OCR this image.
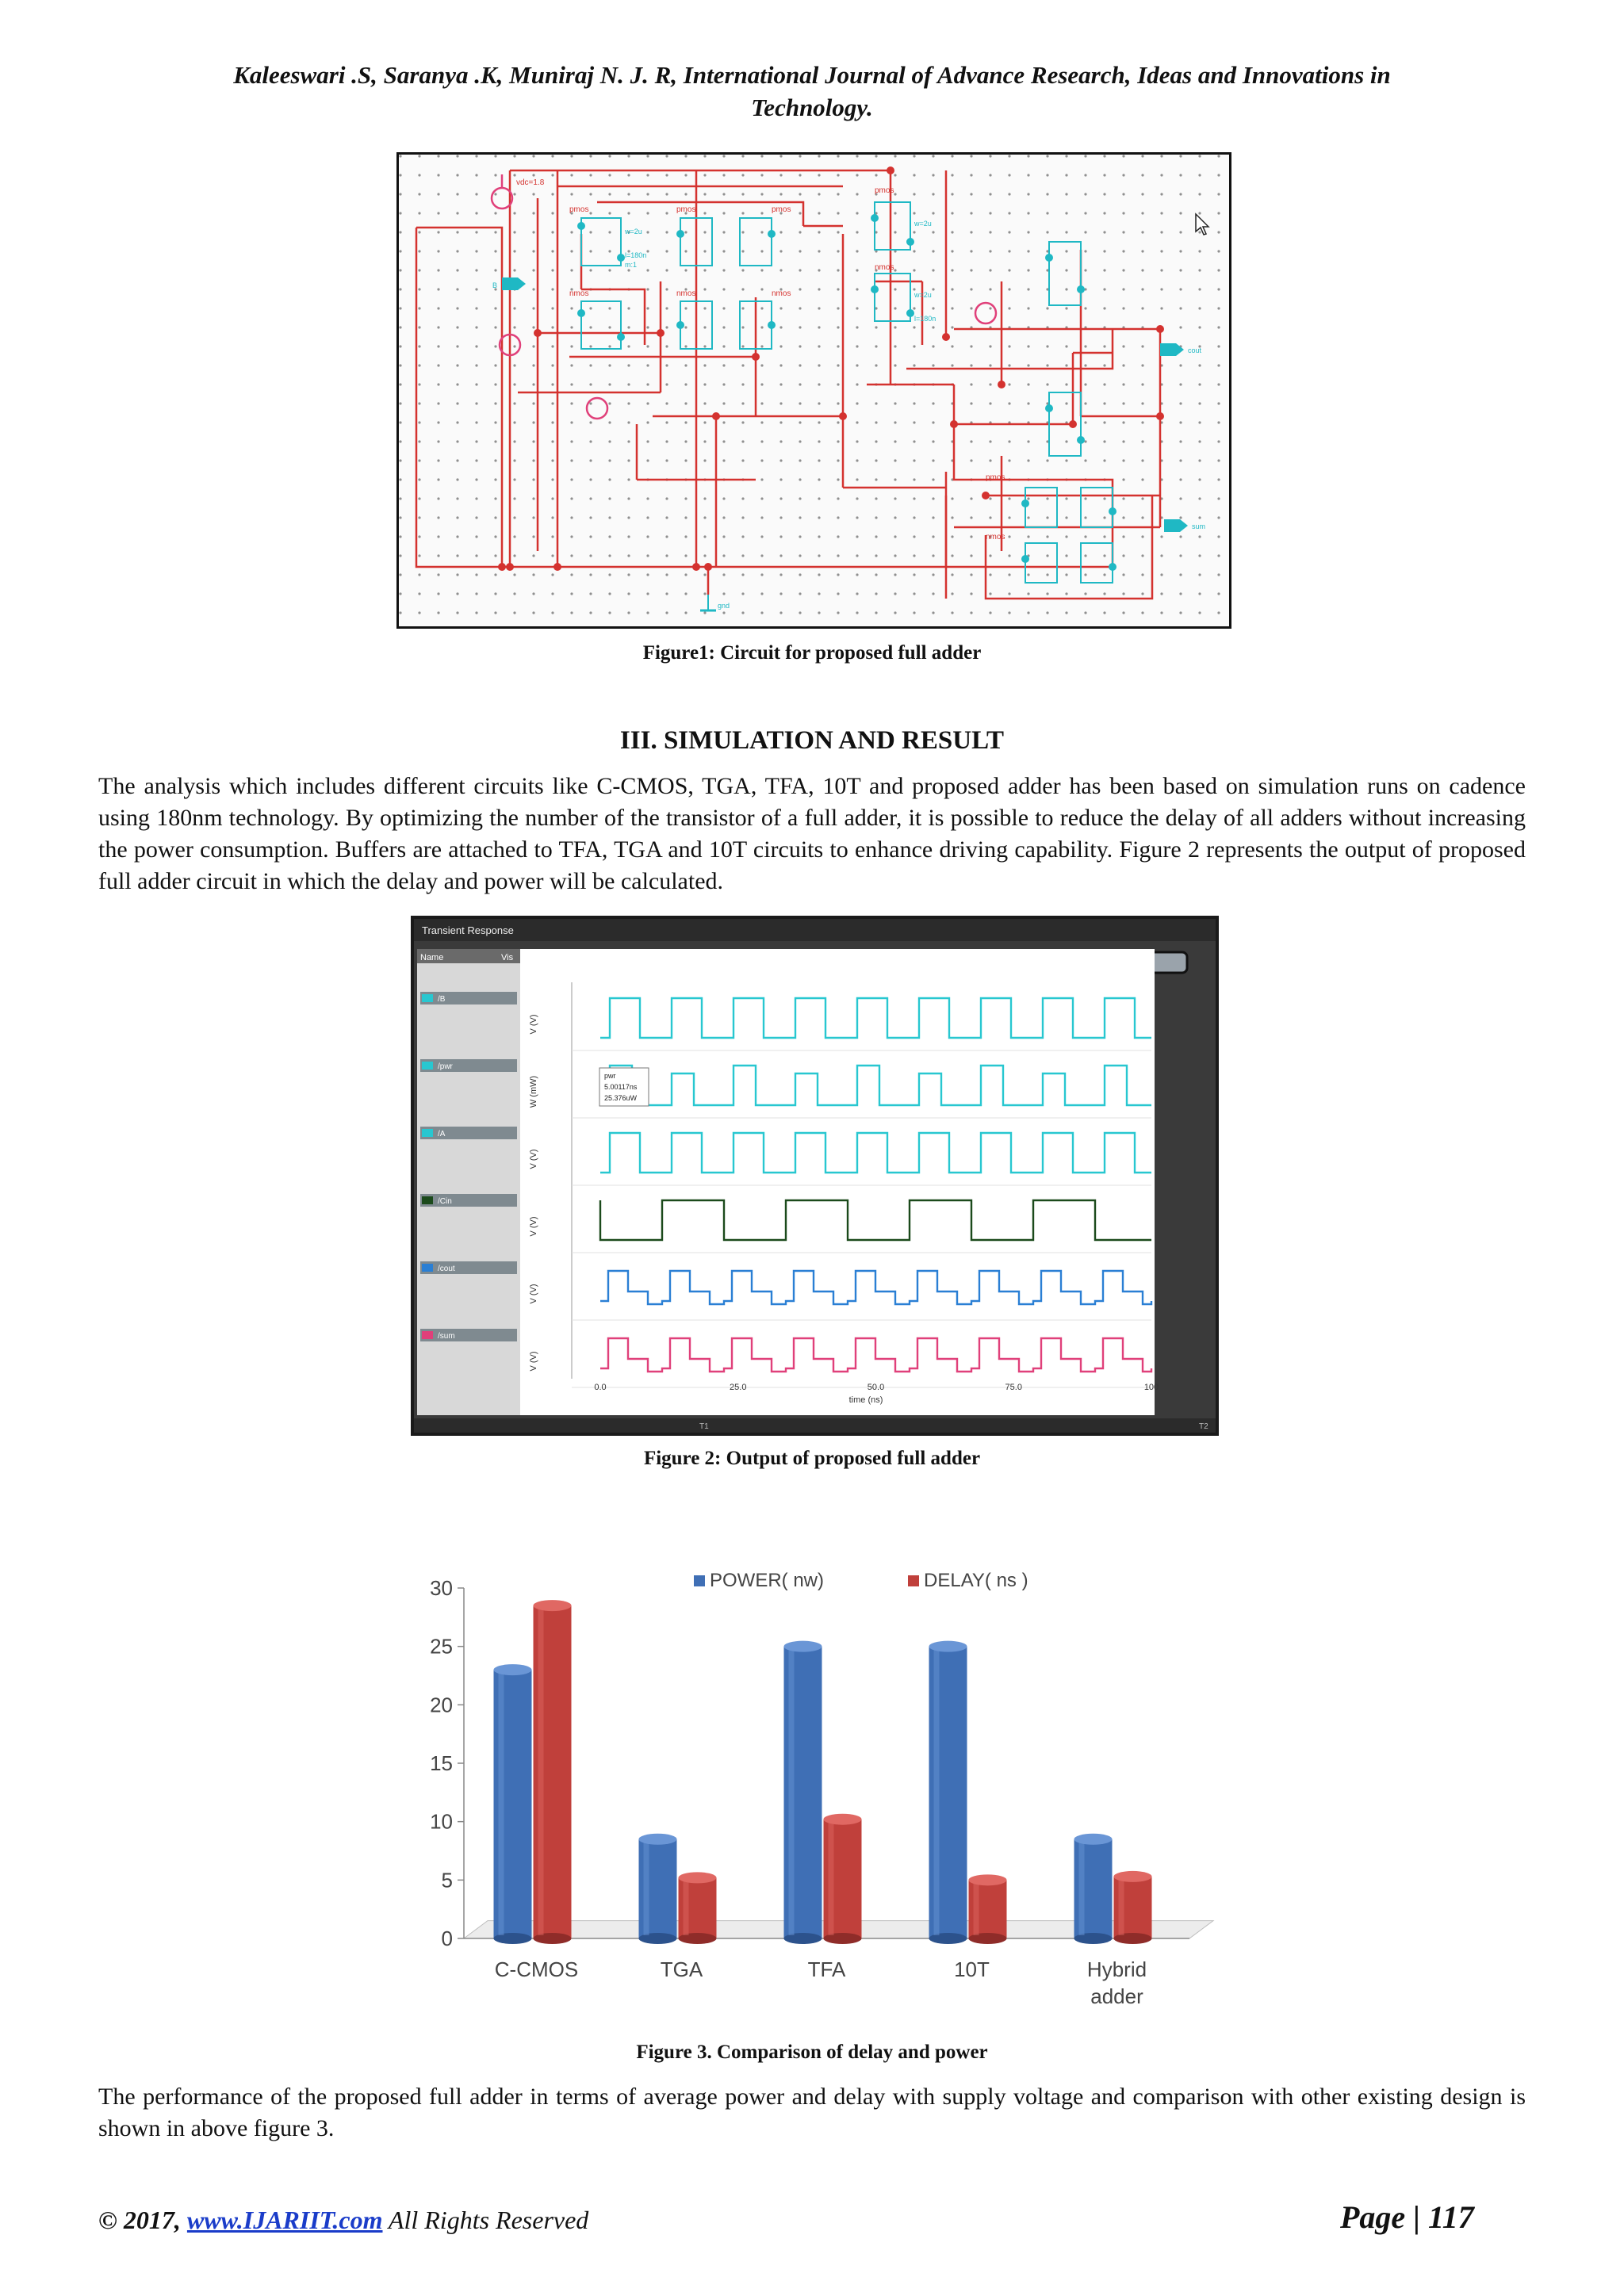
Kaleeswari .S, Saranya .K, Muniraj N. J. R, International Journal of Advance Research, Ideas and Innovations in
Technology.
vdc=1.8
pmos	pmos	pmos
pmos
nmos	nmos	nmos
nmos
pmos
nmos
w=2u
l=180n
m:1
w=2u
w=2u
l=180n
B
cout
sum
gnd
Figure1: Circuit for proposed full adder
III. SIMULATION AND RESULT
The analysis which includes different circuits like C-CMOS, TGA, TFA, 10T and proposed adder has been based on simulation runs on cadence using 180nm technology. By optimizing the number of the transistor of a full adder, it is possible to reduce the delay of all adders without increasing the power consumption. Buffers are attached to TFA, TGA and 10T circuits to enhance driving capability. Figure 2 represents the output of proposed full adder circuit in which the delay and power will be calculated.
Transient Response
Name	Vis
/B
/pwr
/A
/Cin
/cout
/sum
V (V)
W (mW)
V (V)
V (V)
V (V)
V (V)
pwr
5.00117ns
25.376uW
0.0	25.0	50.0	75.0	100
time (ns)
T1	T2
Figure 2: Output of proposed full adder
0
5
10
15
20
25
30	POWER( nw)	DELAY( ns )
C-CMOS	TGA	TFA	10T	Hybrid
adder
Figure 3. Comparison of delay and power
The performance of the proposed full adder in terms of average power and delay with supply voltage and comparison with other existing design is shown in above figure 3.
© 2017, www.IJARIIT.com All Rights Reserved	Page | 117
